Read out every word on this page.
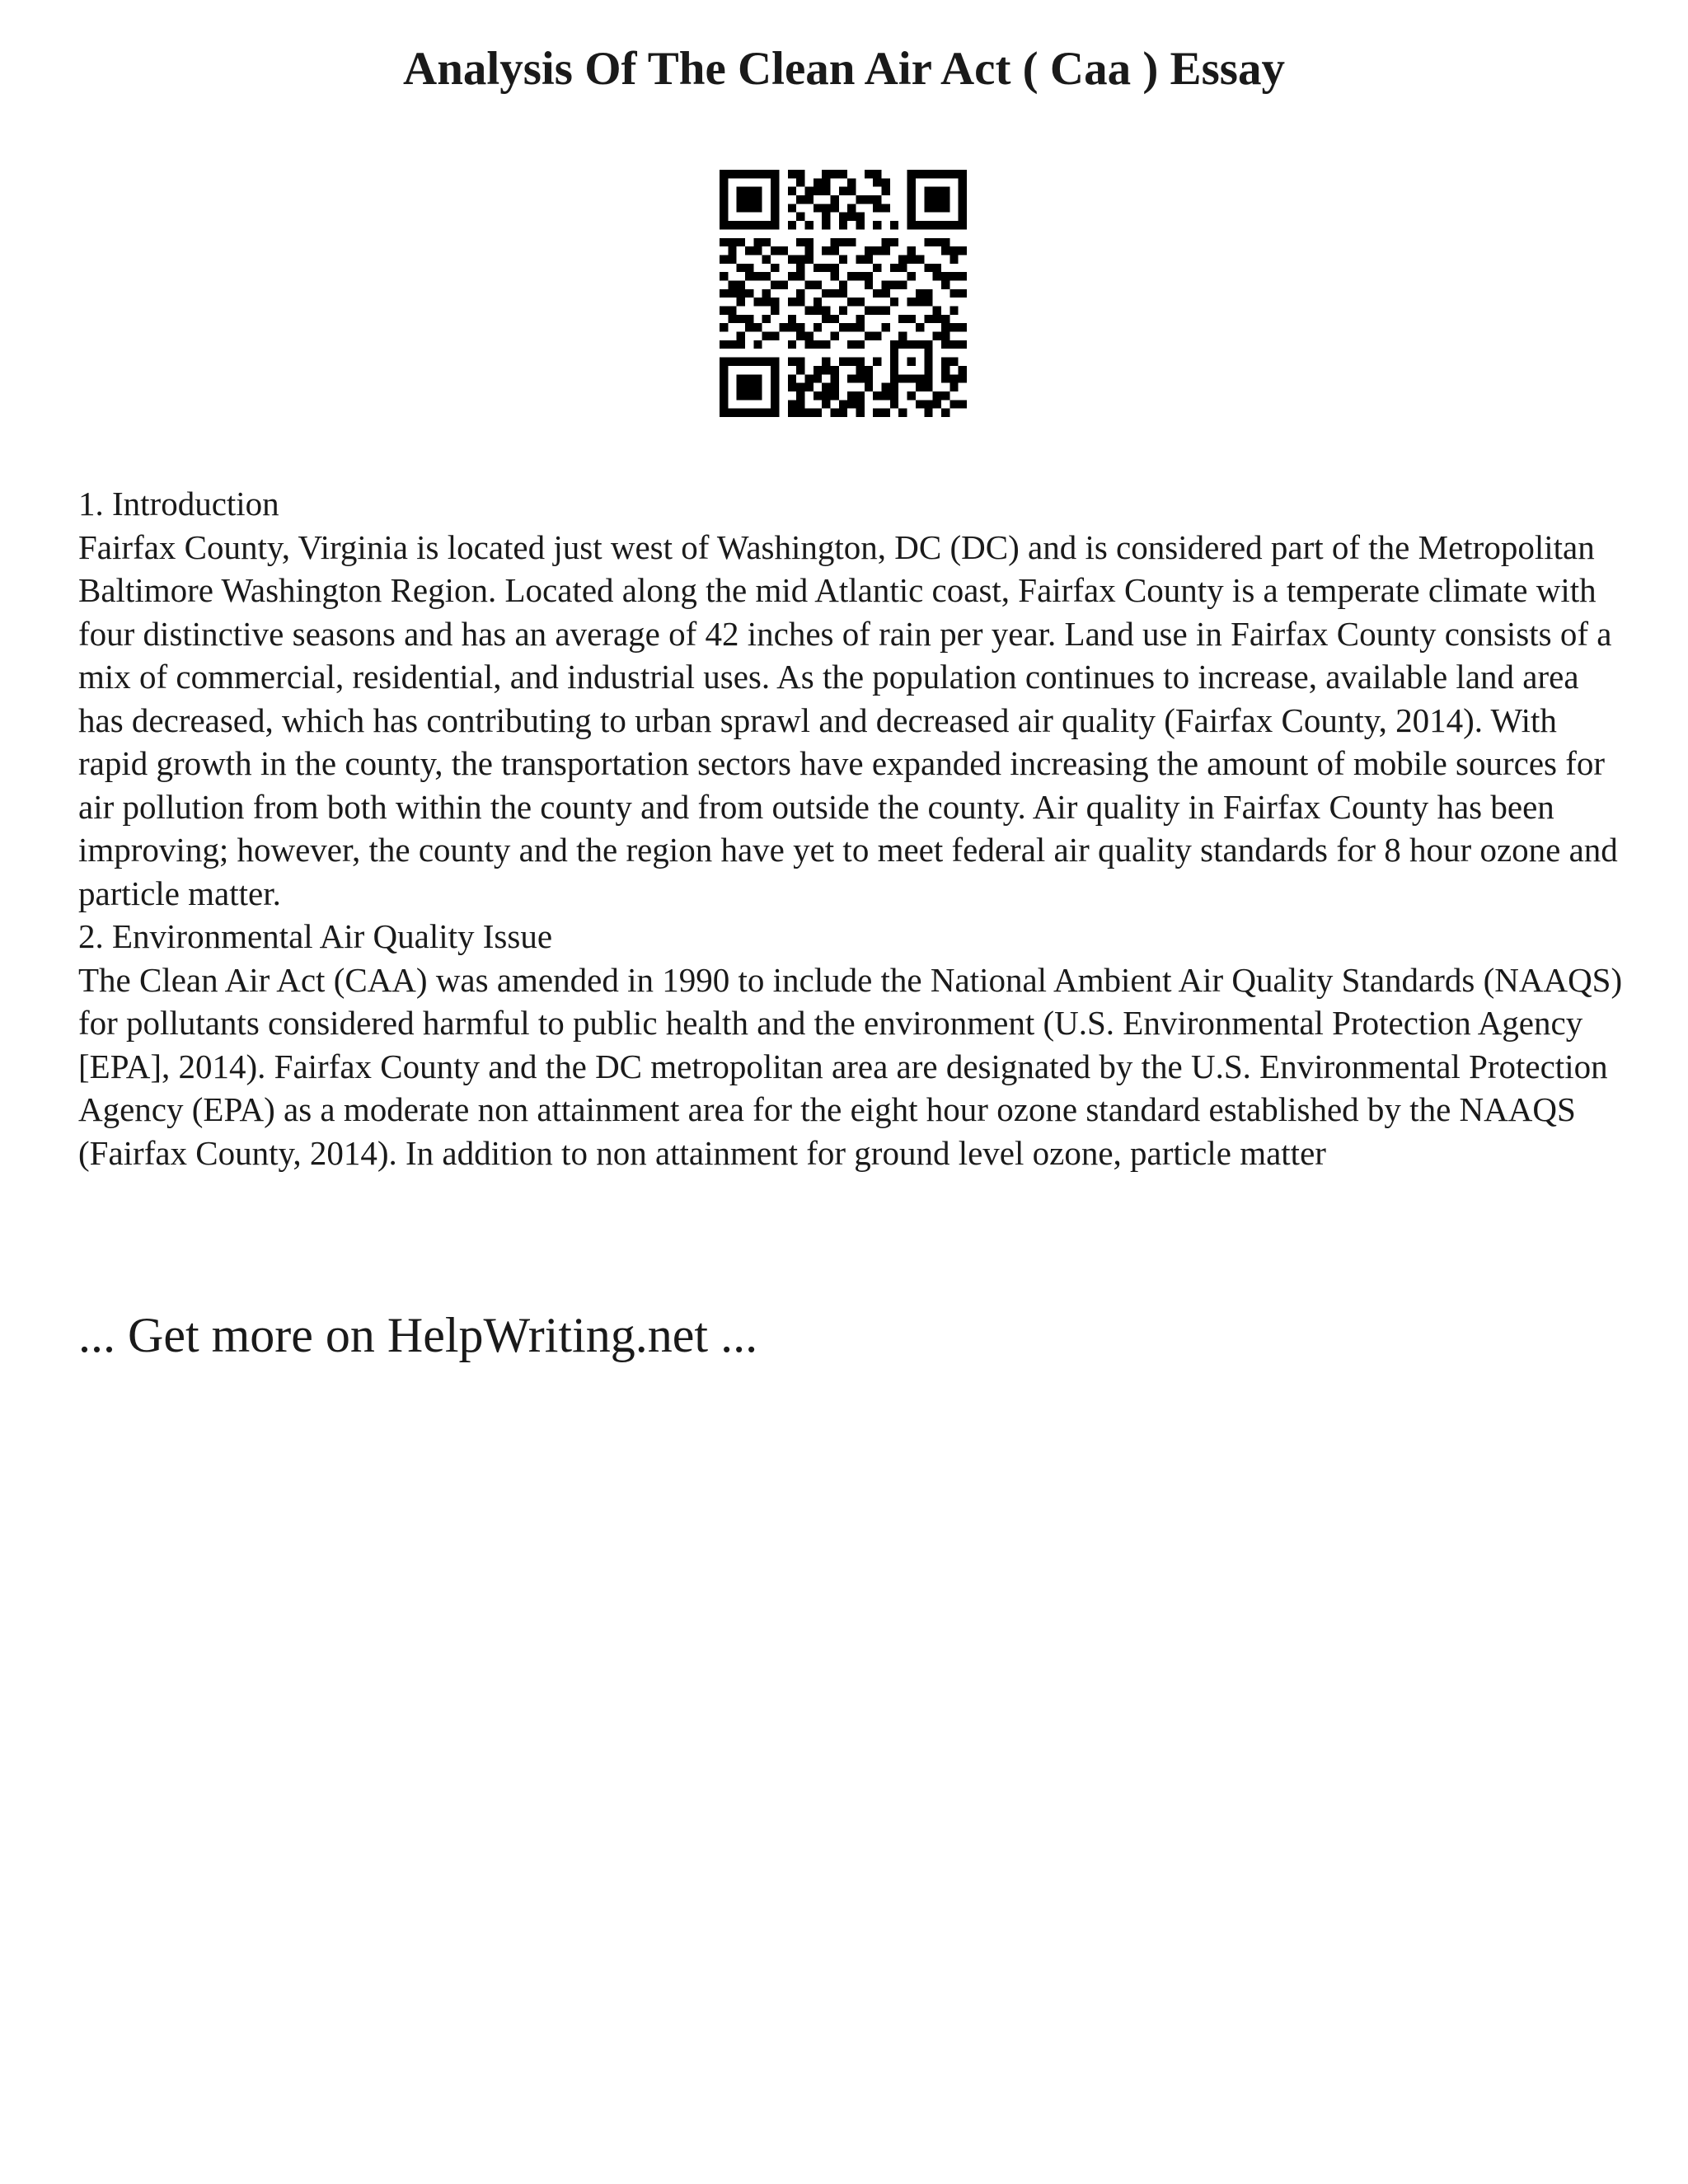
Analysis Of The Clean Air Act ( Caa ) Essay

1. Introduction

Fairfax County, Virginia is located just west of Washington, DC (DC) and is considered part of the Metropolitan Baltimore Washington Region. Located along the mid Atlantic coast, Fairfax County is a temperate climate with four distinctive seasons and has an average of 42 inches of rain per year. Land use in Fairfax County consists of a mix of commercial, residential, and industrial uses. As the population continues to increase, available land area has decreased, which has contributing to urban sprawl and decreased air quality (Fairfax County, 2014). With rapid growth in the county, the transportation sectors have expanded increasing the amount of mobile sources for air pollution from both within the county and from outside the county. Air quality in Fairfax County has been improving; however, the county and the region have yet to meet federal air quality standards for 8 hour ozone and particle matter.

2. Environmental Air Quality Issue

The Clean Air Act (CAA) was amended in 1990 to include the National Ambient Air Quality Standards (NAAQS) for pollutants considered harmful to public health and the environment (U.S. Environmental Protection Agency [EPA], 2014). Fairfax County and the DC metropolitan area are designated by the U.S. Environmental Protection Agency (EPA) as a moderate non attainment area for the eight hour ozone standard established by the NAAQS (Fairfax County, 2014). In addition to non attainment for ground level ozone, particle matter

... Get more on HelpWriting.net ...
